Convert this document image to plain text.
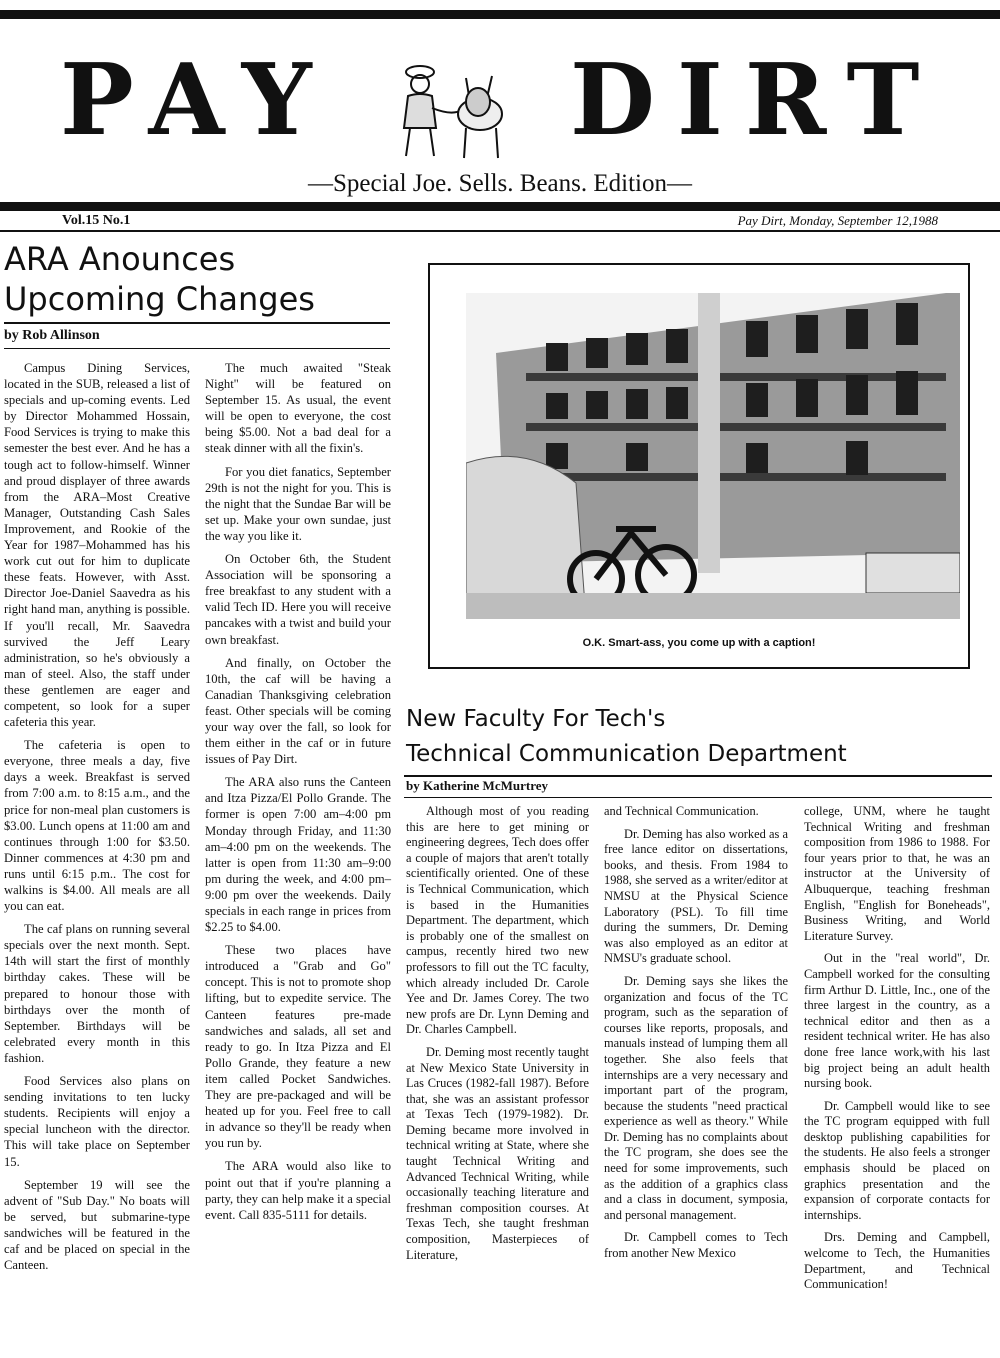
PAY DIRT
—Special Joe. Sells. Beans. Edition—
Vol.15 No.1	Pay Dirt, Monday, September 12,1988
ARA Anounces
Upcoming Changes
by Rob Allinson

Campus Dining Services, located in the SUB, released a list of specials and up-coming events. Led by Director Mohammed Hossain, Food Services is trying to make this semester the best ever. And he has a tough act to follow-himself. Winner and proud displayer of three awards from the ARA–Most Creative Manager, Outstanding Cash Sales Improvement, and Rookie of the Year for 1987–Mohammed has his work cut out for him to duplicate these feats. However, with Asst. Director Joe-Daniel Saavedra as his right hand man, anything is possible. If you'll recall, Mr. Saavedra survived the Jeff Leary administration, so he's obviously a man of steel. Also, the staff under these gentlemen are eager and competent, so look for a super cafeteria this year.

The cafeteria is open to everyone, three meals a day, five days a week. Breakfast is served from 7:00 a.m. to 8:15 a.m., and the price for non-meal plan customers is $3.00. Lunch opens at 11:00 am and continues through 1:00 for $3.50. Dinner commences at 4:30 pm and runs until 6:15 p.m.. The cost for walkins is $4.00. All meals are all you can eat.

The caf plans on running several specials over the next month. Sept. 14th will start the first of monthly birthday cakes. These will be prepared to honour those with birthdays over the month of September. Birthdays will be celebrated every month in this fashion.

Food Services also plans on sending invitations to ten lucky students. Recipients will enjoy a special luncheon with the director. This will take place on September 15.

September 19 will see the advent of "Sub Day." No boats will be served, but submarine-type sandwiches will be featured in the caf and be placed on special in the Canteen.

The much awaited "Steak Night" will be featured on September 15. As usual, the event will be open to everyone, the cost being $5.00. Not a bad deal for a steak dinner with all the fixin's.

For you diet fanatics, September 29th is not the night for you. This is the night that the Sundae Bar will be set up. Make your own sundae, just the way you like it.

On October 6th, the Student Association will be sponsoring a free breakfast to any student with a valid Tech ID. Here you will receive pancakes with a twist and build your own breakfast.

And finally, on October the 10th, the caf will be having a Canadian Thanksgiving celebration feast. Other specials will be coming your way over the fall, so look for them either in the caf or in future issues of Pay Dirt.

The ARA also runs the Canteen and Itza Pizza/El Pollo Grande. The former is open 7:00 am–4:00 pm Monday through Friday, and 11:30 am–4:00 pm on the weekends. The latter is open from 11:30 am–9:00 pm during the week, and 4:00 pm– 9:00 pm over the weekends. Daily specials in each range in prices from $2.25 to $4.00.

These two places have introduced a "Grab and Go" concept. This is not to promote shop lifting, but to expedite service. The Canteen features pre-made sandwiches and salads, all set and ready to go. In Itza Pizza and El Pollo Grande, they feature a new item called Pocket Sandwiches. They are pre-packaged and will be heated up for you. Feel free to call in advance so they'll be ready when you run by.

The ARA would also like to point out that if you're planning a party, they can help make it a special event. Call 835-5111 for details.

O.K. Smart-ass, you come up with a caption!
New Faculty For Tech's
Technical Communication Department
by Katherine McMurtrey

Although most of you reading this are here to get mining or engineering degrees, Tech does offer a couple of majors that aren't totally scientifically oriented. One of these is Technical Communication, which is based in the Humanities Department. The department, which is probably one of the smallest on campus, recently hired two new professors to fill out the TC faculty, which already included Dr. Carole Yee and Dr. James Corey. The two new profs are Dr. Lynn Deming and Dr. Charles Campbell.

Dr. Deming most recently taught at New Mexico State University in Las Cruces (1982-fall 1987). Before that, she was an assistant professor at Texas Tech (1979-1982). Dr. Deming became more involved in technical writing at State, where she taught Technical Writing and Advanced Technical Writing, while occasionally teaching literature and freshman composition courses. At Texas Tech, she taught freshman composition, Masterpieces of Literature,

and Technical Communication.

Dr. Deming has also worked as a free lance editor on dissertations, books, and thesis. From 1984 to 1988, she served as a writer/editor at NMSU at the Physical Science Laboratory (PSL). To fill time during the summers, Dr. Deming was also employed as an editor at NMSU's graduate school.

Dr. Deming says she likes the organization and focus of the TC program, such as the separation of courses like reports, proposals, and manuals instead of lumping them all together. She also feels that internships are a very necessary and important part of the program, because the students "need practical experience as well as theory." While Dr. Deming has no complaints about the TC program, she does see the need for some improvements, such as the addition of a graphics class and a class in document, symposia, and personal management.

Dr. Campbell comes to Tech from another New Mexico

college, UNM, where he taught Technical Writing and freshman composition from 1986 to 1988. For four years prior to that, he was an instructor at the University of Albuquerque, teaching freshman English, "English for Boneheads", Business Writing, and World Literature Survey.

Out in the "real world", Dr. Campbell worked for the consulting firm Arthur D. Little, Inc., one of the three largest in the country, as a technical editor and then as a resident technical writer. He has also done free lance work,with his last big project being an adult health nursing book.

Dr. Campbell would like to see the TC program equipped with full desktop publishing capabilities for the students. He also feels a stronger emphasis should be placed on graphics presentation and the expansion of corporate contacts for internships.

Drs. Deming and Campbell, welcome to Tech, the Humanities Department, and Technical Communication!
